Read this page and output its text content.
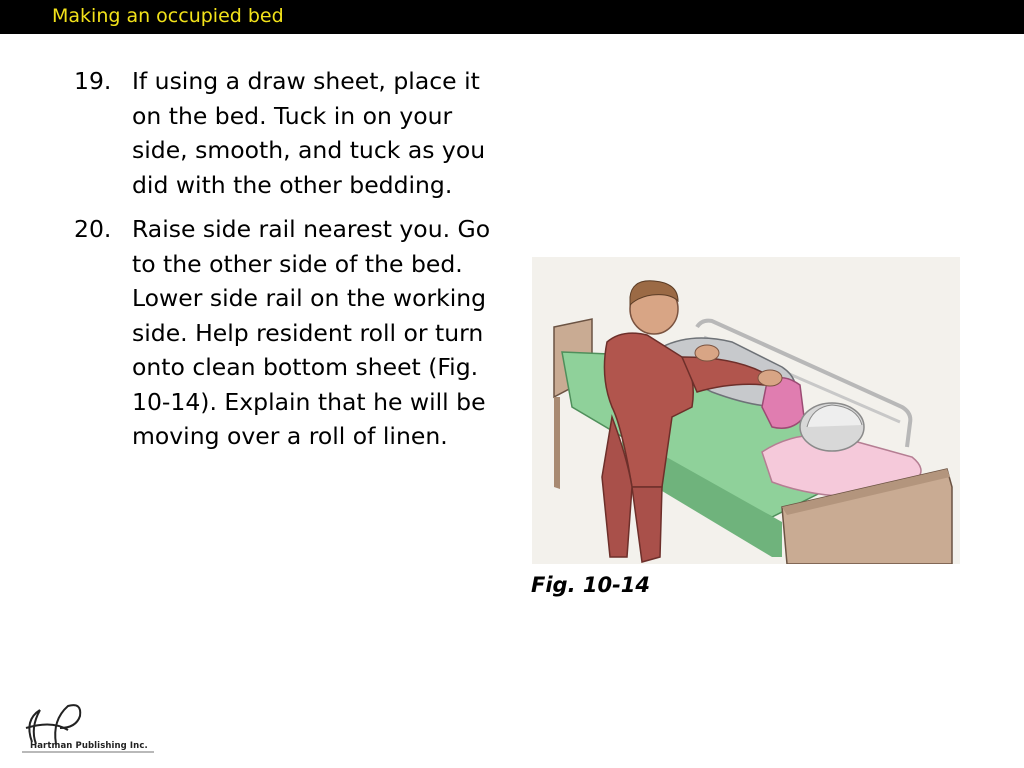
Making an occupied bed
19. If using a draw sheet, place it on the bed. Tuck in on your side, smooth, and tuck as you did with the other bedding.
20. Raise side rail nearest you. Go to the other side of the bed. Lower side rail on the working side. Help resident roll or turn onto clean bottom sheet (Fig. 10-14). Explain that he will be moving over a roll of linen.
Fig. 10-14
Hartman Publishing Inc.
